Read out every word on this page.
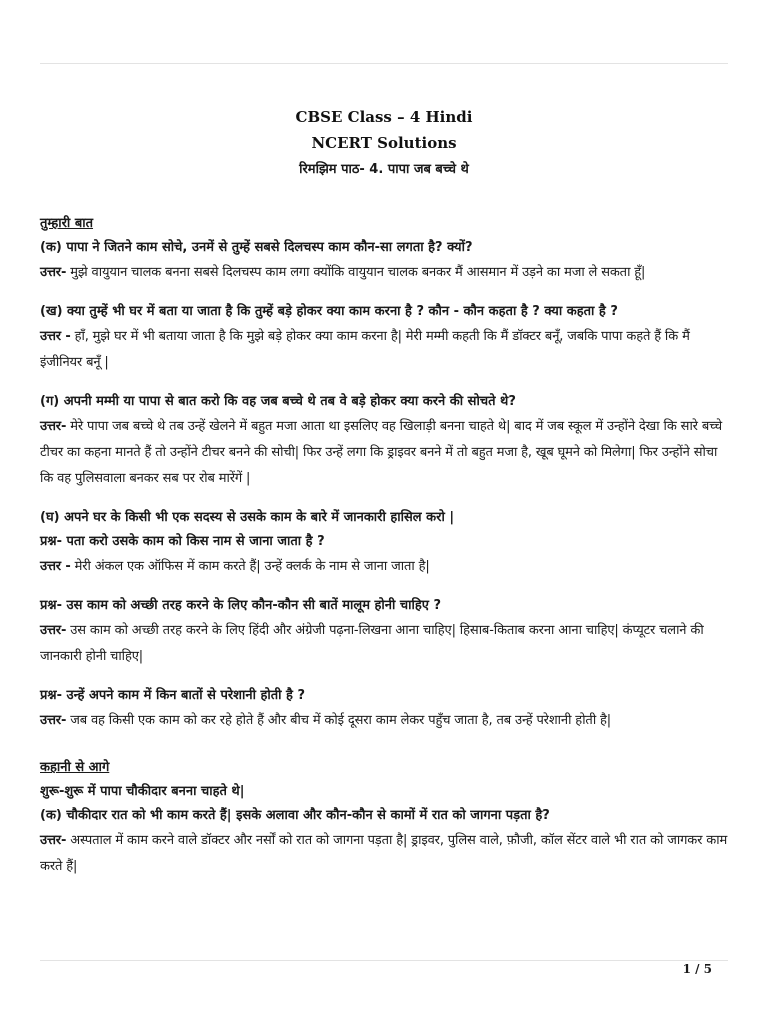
CBSE Class – 4 Hindi
NCERT Solutions
रिमझिम पाठ- 4. पापा जब बच्चे थे
तुम्हारी बात
(क) पापा ने जितने काम सोचे, उनमें से तुम्हें सबसे दिलचस्प काम कौन-सा लगता है? क्यों?
उत्तर- मुझे वायुयान चालक बनना सबसे दिलचस्प काम लगा क्योंकि वायुयान चालक बनकर मैं आसमान में उड़ने का मजा ले सकता हूँ|
(ख) क्या तुम्हें भी घर में बता या जाता है कि तुम्हें बड़े होकर क्या काम करना है ? कौन - कौन कहता है ? क्या कहता है ?
उत्तर - हाँ, मुझे घर में भी बताया जाता है कि मुझे बड़े होकर क्या काम करना है| मेरी मम्मी कहती कि मैं डॉक्टर बनूँ, जबकि पापा कहते हैं कि मैं इंजीनियर बनूँ |
(ग) अपनी मम्मी या पापा से बात करो कि वह जब बच्चे थे तब वे बड़े होकर क्या करने की सोचते थे?
उत्तर- मेरे पापा जब बच्चे थे तब उन्हें खेलने में बहुत मजा आता था इसलिए वह खिलाड़ी बनना चाहते थे| बाद में जब स्कूल में उन्होंने देखा कि सारे बच्चे टीचर का कहना मानते हैं तो उन्होंने टीचर बनने की सोची| फिर उन्हें लगा कि ड्राइवर बनने में तो बहुत मजा है, खूब घूमने को मिलेगा| फिर उन्होंने सोचा कि वह पुलिसवाला बनकर सब पर रोब मारेंगें |
(घ) अपने घर के किसी भी एक सदस्य से उसके काम के बारे में जानकारी हासिल करो |
प्रश्न- पता करो उसके काम को किस नाम से जाना जाता है ?
उत्तर - मेरी अंकल एक ऑफिस में काम करते हैं| उन्हें क्लर्क के नाम से जाना जाता है|
प्रश्न- उस काम को अच्छी तरह करने के लिए कौन-कौन सी बातें मालूम होनी चाहिए ?
उत्तर- उस काम को अच्छी तरह करने के लिए हिंदी और अंग्रेजी पढ़ना-लिखना आना चाहिए| हिसाब-किताब करना आना चाहिए| कंप्यूटर चलाने की जानकारी होनी चाहिए|
प्रश्न- उन्हें अपने काम में किन बातों से परेशानी होती है ?
उत्तर- जब वह किसी एक काम को कर रहे होते हैं और बीच में कोई दूसरा काम लेकर पहुँच जाता है, तब उन्हें परेशानी होती है|
कहानी से आगे
शुरू-शुरू में पापा चौकीदार बनना चाहते थे|
(क) चौकीदार रात को भी काम करते हैं| इसके अलावा और कौन-कौन से कामों में रात को जागना पड़ता है?
उत्तर- अस्पताल में काम करने वाले डॉक्टर और नर्सों को रात को जागना पड़ता है| ड्राइवर, पुलिस वाले, फ़ौजी, कॉल सेंटर वाले भी रात को जागकर काम करते हैं|
1 / 5
